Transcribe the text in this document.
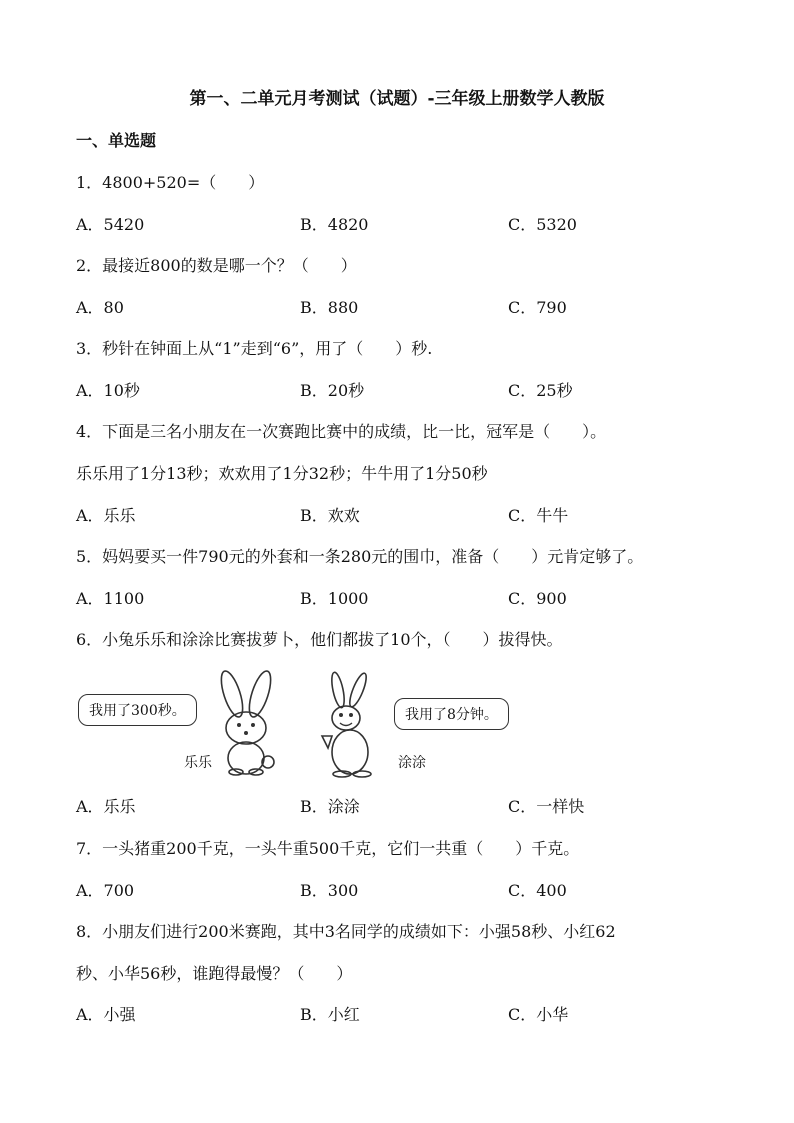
第一、二单元月考测试（试题）-三年级上册数学人教版
一、单选题
1．4800+520=（　　）
A．5420	B．4820	C．5320
2．最接近800的数是哪一个？（　　）
A．80	B．880	C．790
3．秒针在钟面上从“1”走到“6”，用了（　　）秒.
A．10秒	B．20秒	C．25秒
4．下面是三名小朋友在一次赛跑比赛中的成绩，比一比，冠军是（　　）。
乐乐用了1分13秒；欢欢用了1分32秒；牛牛用了1分50秒
A．乐乐	B．欢欢	C．牛牛
5．妈妈要买一件790元的外套和一条280元的围巾，准备（　　）元肯定够了。
A．1100	B．1000	C．900
6．小兔乐乐和涂涂比赛拔萝卜，他们都拔了10个，（　　）拔得快。
我用了300秒。
乐乐
我用了8分钟。
涂涂
A．乐乐	B．涂涂	C．一样快
7．一头猪重200千克，一头牛重500千克，它们一共重（　　）千克。
A．700	B．300	C．400
8．小朋友们进行200米赛跑，其中3名同学的成绩如下：小强58秒、小红62
秒、小华56秒，谁跑得最慢？（　　）
A．小强	B．小红	C．小华
